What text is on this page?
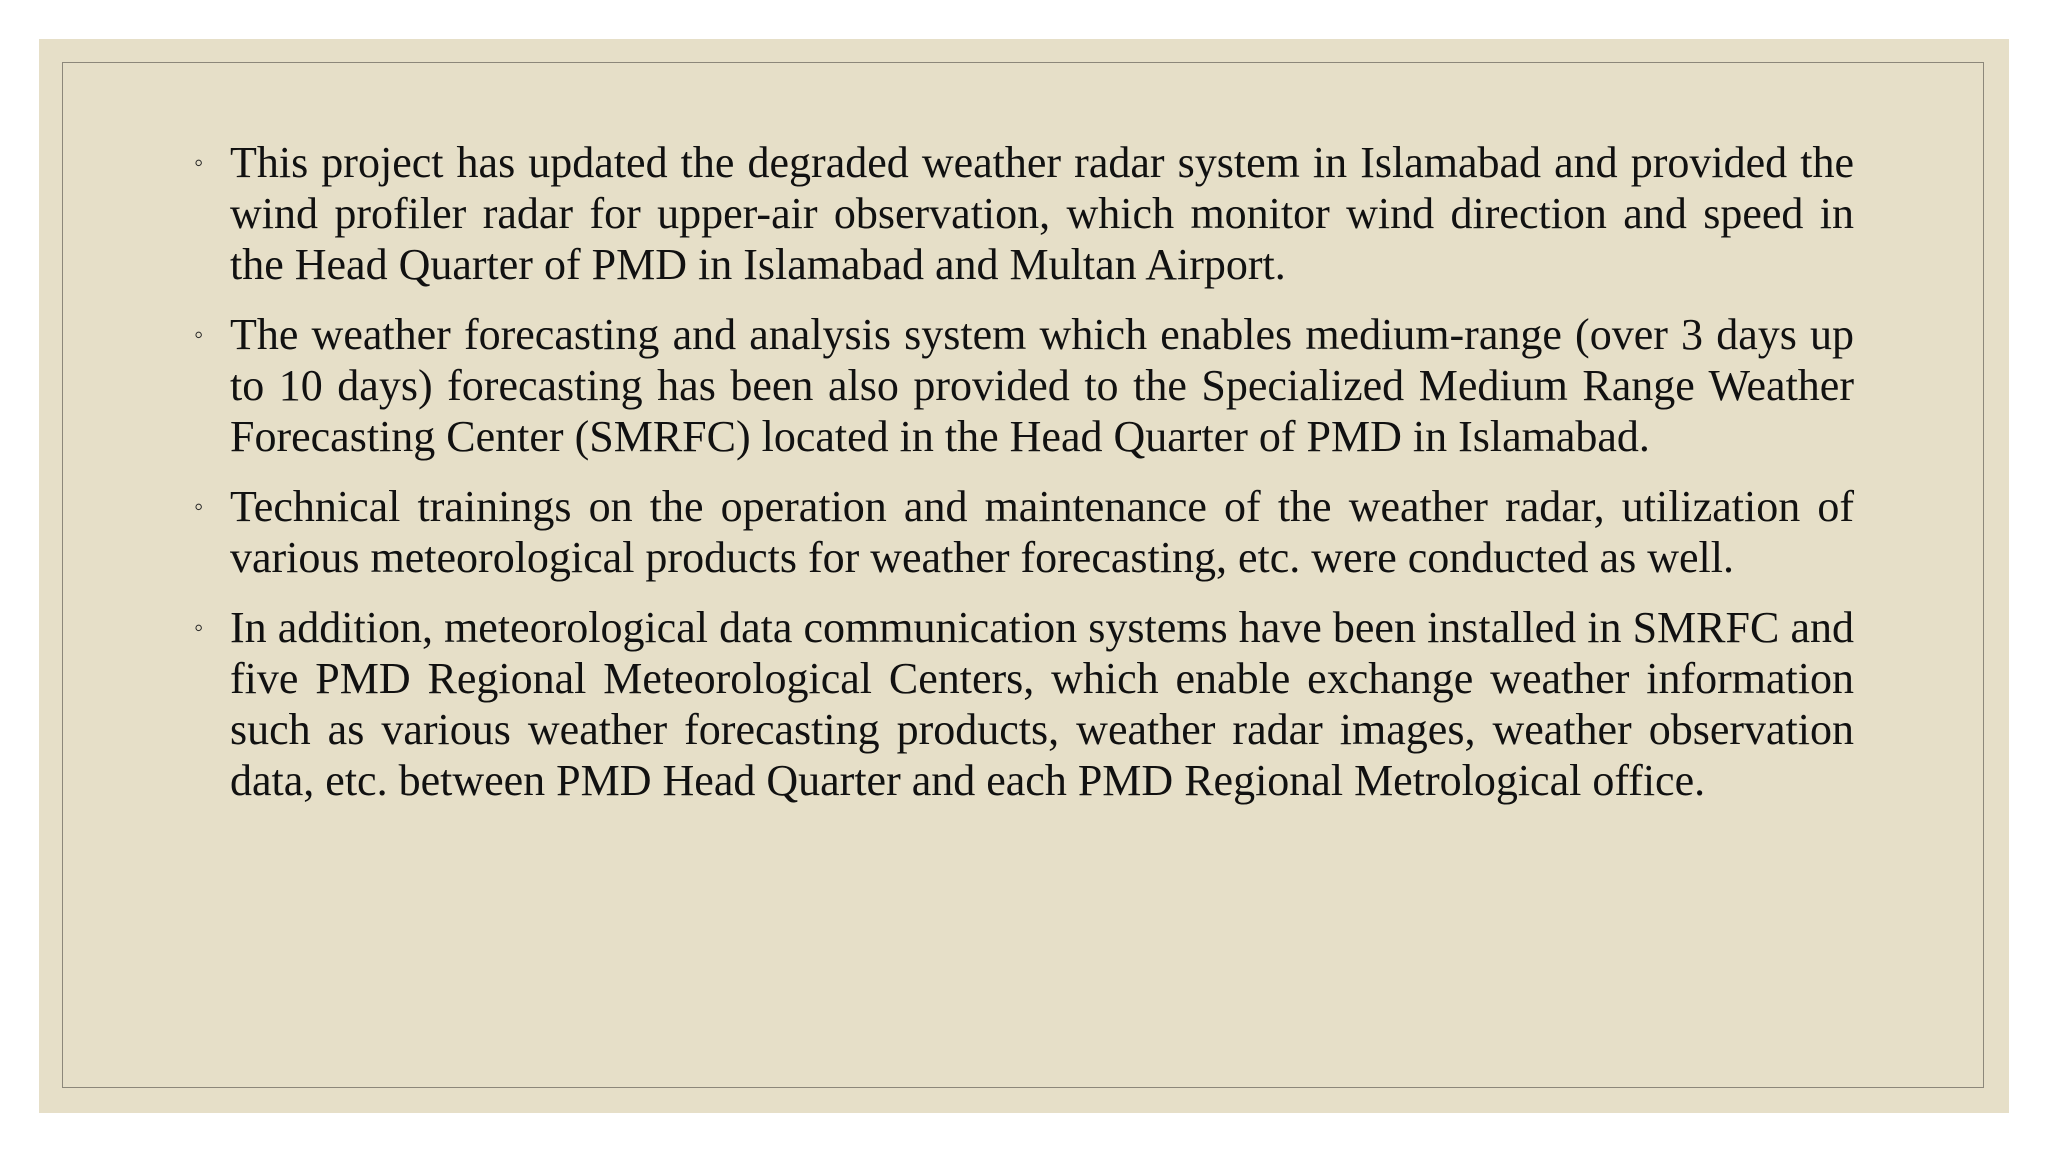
◦ This project has updated the degraded weather radar system in Islamabad and provided the wind profiler radar for upper-air observation, which monitor wind direction and speed in the Head Quarter of PMD in Islamabad and Multan Airport.
◦ The weather forecasting and analysis system which enables medium-range (over 3 days up to 10 days) forecasting has been also provided to the Specialized Medium Range Weather Forecasting Center (SMRFC) located in the Head Quarter of PMD in Islamabad.
◦ Technical trainings on the operation and maintenance of the weather radar, utilization of various meteorological products for weather forecasting, etc. were conducted as well.
◦ In addition, meteorological data communication systems have been installed in SMRFC and five PMD Regional Meteorological Centers, which enable exchange weather information such as various weather forecasting products, weather radar images, weather observation data, etc. between PMD Head Quarter and each PMD Regional Metrological office.
